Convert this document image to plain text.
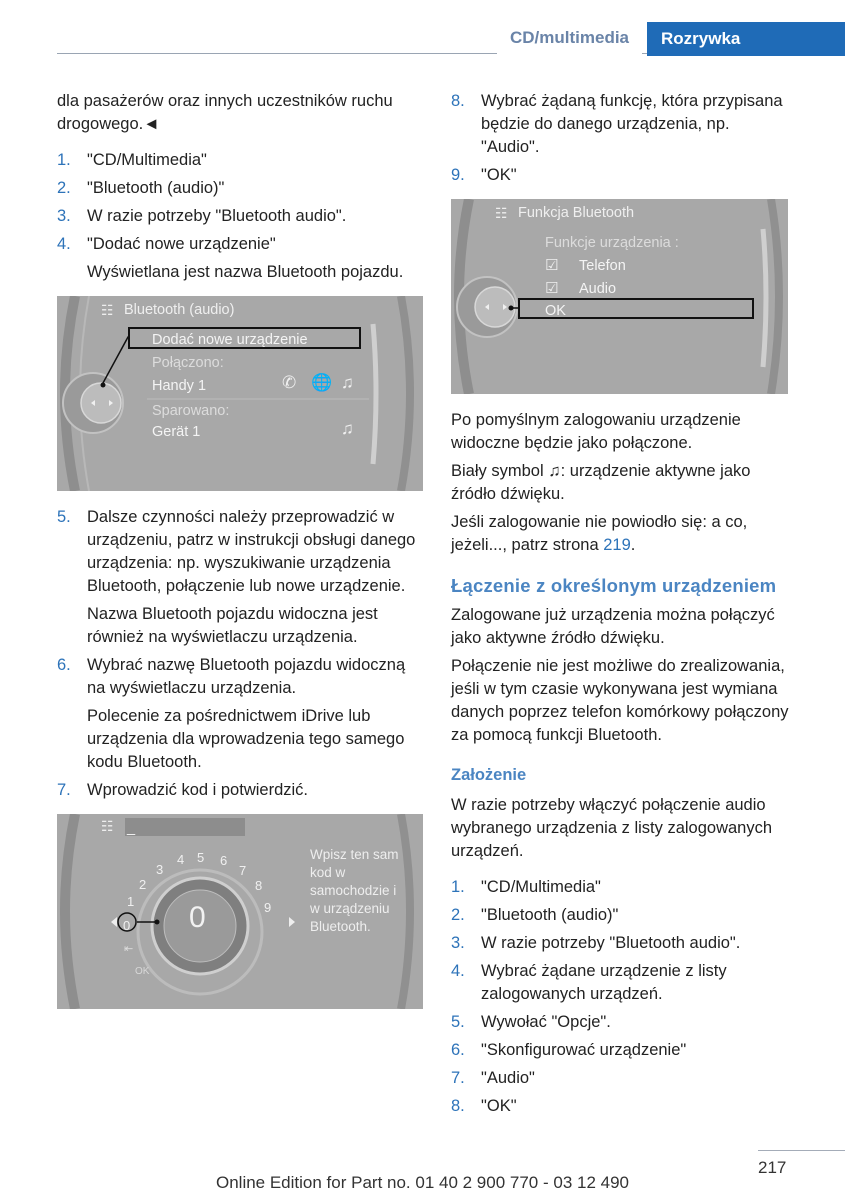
CD/multimedia	Rozrywka

dla pasażerów oraz innych uczestników ruchu drogowego.◄

1. "CD/Multimedia"
2. "Bluetooth (audio)"
3. W razie potrzeby "Bluetooth audio".
4. "Dodać nowe urządzenie"

Wyświetlana jest nazwa Bluetooth pojazdu.

☷ Bluetooth (audio)
Dodać nowe urządzenie
Połączono:
Handy 1	✆ 🌐 ♫
Sparowano:
Gerät 1	♫
5. Dalsze czynności należy przeprowadzić w urządzeniu, patrz w instrukcji obsługi danego urządzenia: np. wyszukiwanie urządzenia Bluetooth, połączenie lub nowe urządzenie.

Nazwa Bluetooth pojazdu widoczna jest również na wyświetlaczu urządzenia.

6. Wybrać nazwę Bluetooth pojazdu widoczną na wyświetlaczu urządzenia.

Polecenie za pośrednictwem iDrive lub urządzenia dla wprowadzenia tego samego kodu Bluetooth.

7. Wprowadzić kod i potwierdzić.
☷ _
1
2
3
4 5 6
7
8
9
0
⇤
OK
0
Wpisz ten sam kod w samochodzie i w urządzeniu Bluetooth.
8. Wybrać żądaną funkcję, która przypisana będzie do danego urządzenia, np. "Audio".
9. "OK"
☷ Funkcja Bluetooth
Funkcje urządzenia :
☑ Telefon
☑ Audio
OK

Po pomyślnym zalogowaniu urządzenie widoczne będzie jako połączone.

Biały symbol ♫: urządzenie aktywne jako źródło dźwięku.

Jeśli zalogowanie nie powiodło się: a co, jeżeli..., patrz strona 219.

Łączenie z określonym urządzeniem

Zalogowane już urządzenia można połączyć jako aktywne źródło dźwięku.

Połączenie nie jest możliwe do zrealizowania, jeśli w tym czasie wykonywana jest wymiana danych poprzez telefon komórkowy połączony za pomocą funkcji Bluetooth.

Założenie

W razie potrzeby włączyć połączenie audio wybranego urządzenia z listy zalogowanych urządzeń.

1. "CD/Multimedia"
2. "Bluetooth (audio)"
3. W razie potrzeby "Bluetooth audio".
4. Wybrać żądane urządzenie z listy zalogowanych urządzeń.
5. Wywołać "Opcje".
6. "Skonfigurować urządzenie"
7. "Audio"
8. "OK"
217
Online Edition for Part no. 01 40 2 900 770 - 03 12 490
